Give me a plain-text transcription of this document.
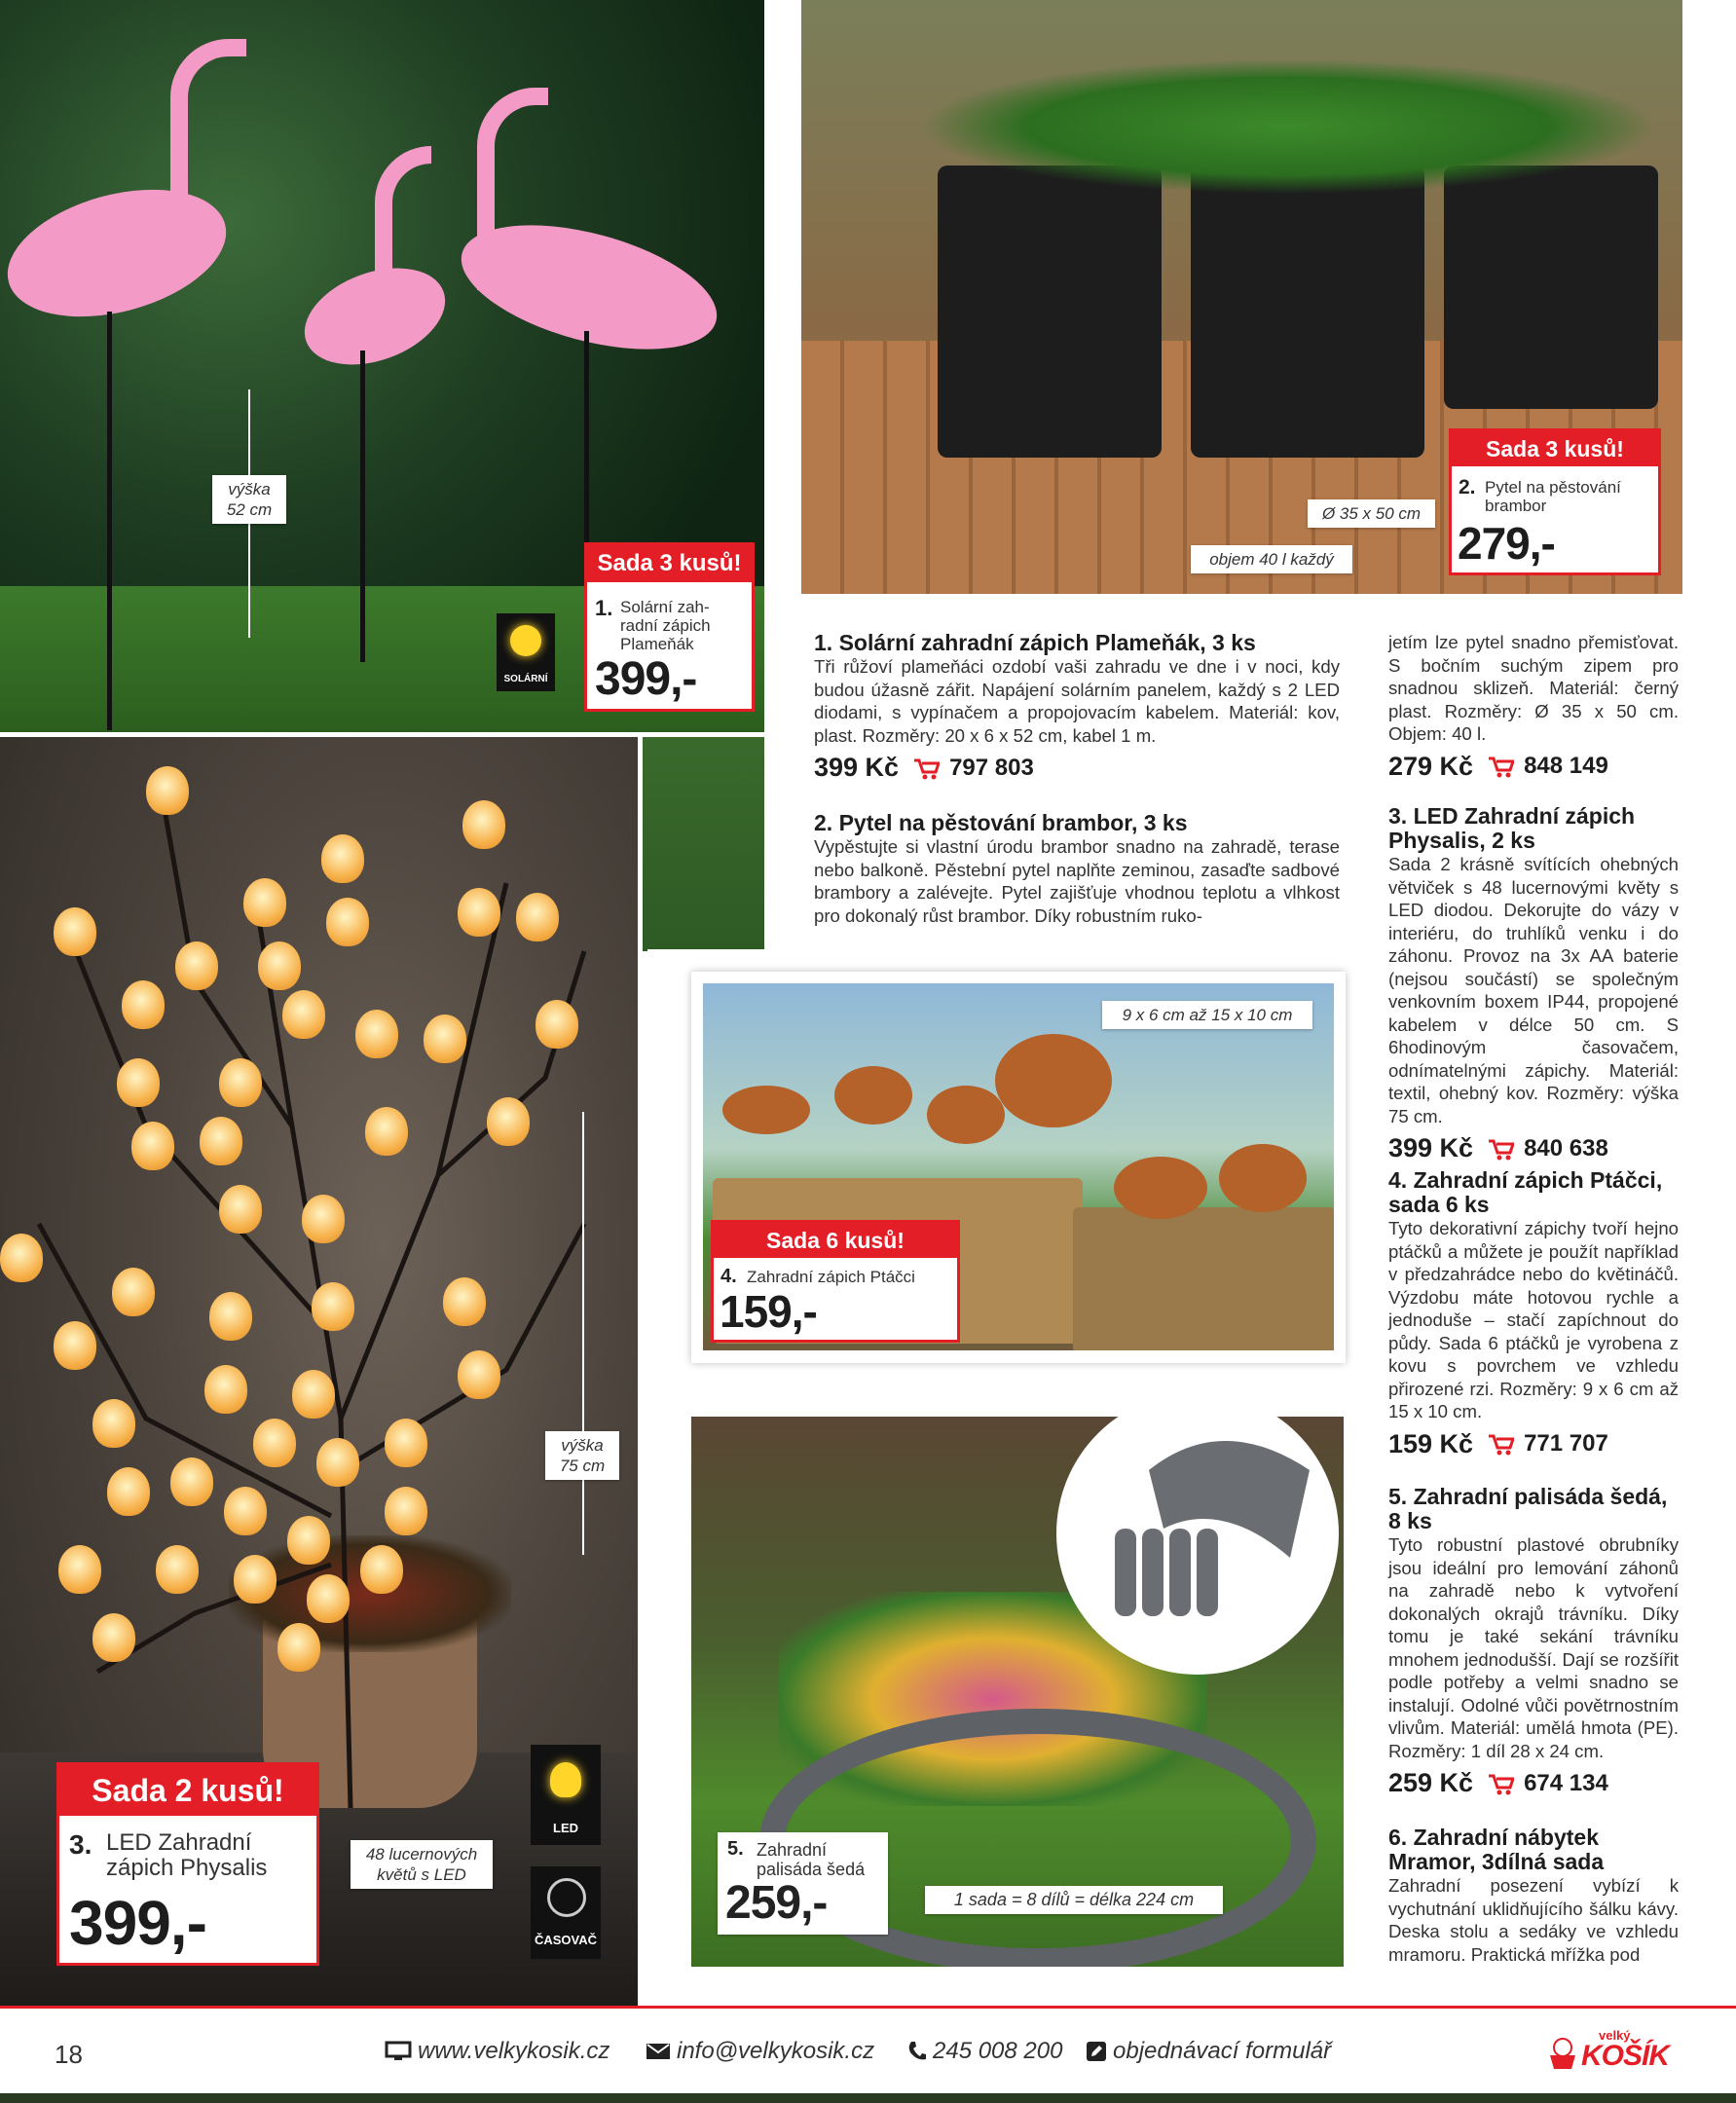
výška
52 cm
SOLÁRNÍ
Sada 3 kusů!
1. Solární zah-
radní zápich
Plameňák
399,-
Ø 35 x 50 cm
objem 40 l každý
Sada 3 kusů!
2. Pytel na pěstování
brambor
279,-
výška
75 cm
48 lucernových
květů s LED
LED
ČASOVAČ
Sada 2 kusů!
3. LED Zahradní
zápich Physalis
399,-
9 x 6 cm až 15 x 10 cm
Sada 6 kusů!
4. Zahradní zápich Ptáčci
159,-
1 sada = 8 dílů = délka 224 cm
5. Zahradní
palisáda šedá
259,-
1. Solární zahradní zápich Plameňák, 3 ks

Tři růžoví plameňáci ozdobí vaši zahradu ve dne i v noci, kdy budou úžasně zářit. Napájení solárním panelem, každý s 2 LED diodami, s vypínačem a propojovacím kabelem. Materiál: kov, plast. Rozměry: 20 x 6 x 52 cm, kabel 1 m.

399 Kč 797 803
2. Pytel na pěstování brambor, 3 ks

Vypěstujte si vlastní úrodu brambor snadno na zahradě, terase nebo balkoně. Pěstební pytel naplňte zeminou, zasaďte sadbové brambory a zalévejte. Pytel zajišťuje vhodnou teplotu a vlhkost pro dokonalý růst brambor. Díky robustním ruko-

jetím lze pytel snadno přemisťovat. S bočním suchým zipem pro snadnou sklizeň. Materiál: černý plast. Rozměry: Ø 35 x 50 cm. Objem: 40 l.

279 Kč 848 149
3. LED Zahradní zápich Physalis, 2 ks

Sada 2 krásně svítících ohebných větviček s 48 lucernovými květy s LED diodou. Dekorujte do vázy v interiéru, do truhlíků venku i do záhonu. Provoz na 3x AA baterie (nejsou součástí) se společným venkovním boxem IP44, propojené kabelem v délce 50 cm. S 6hodinovým časovačem, odnímatelnými zápichy. Materiál: textil, ohebný kov. Rozměry: výška 75 cm.

399 Kč 840 638
4. Zahradní zápich Ptáčci, sada 6 ks

Tyto dekorativní zápichy tvoří hejno ptáčků a můžete je použít například v předzahrádce nebo do květináčů. Výzdobu máte hotovou rychle a jednoduše – stačí zapíchnout do půdy. Sada 6 ptáčků je vyrobena z kovu s povrchem ve vzhledu přirozené rzi. Rozměry: 9 x 6 cm až 15 x 10 cm.

159 Kč 771 707
5. Zahradní palisáda šedá, 8 ks

Tyto robustní plastové obrubníky jsou ideální pro lemování záhonů na zahradě nebo k vytvoření dokonalých okrajů trávníku. Díky tomu je také sekání trávníku mnohem jednodušší. Dají se rozšířit podle potřeby a velmi snadno se instalují. Odolné vůči povětrnostním vlivům. Materiál: umělá hmota (PE). Rozměry: 1 díl 28 x 24 cm.

259 Kč 674 134
6. Zahradní nábytek Mramor, 3dílná sada

Zahradní posezení vybízí k vychutnání uklidňujícího šálku kávy. Deska stolu a sedáky ve vzhledu mramoru. Praktická mřížka pod

18	www.velkykosik.cz	info@velkykosik.cz 245 008 200 objednávací formulář
velký
KOŠÍK
